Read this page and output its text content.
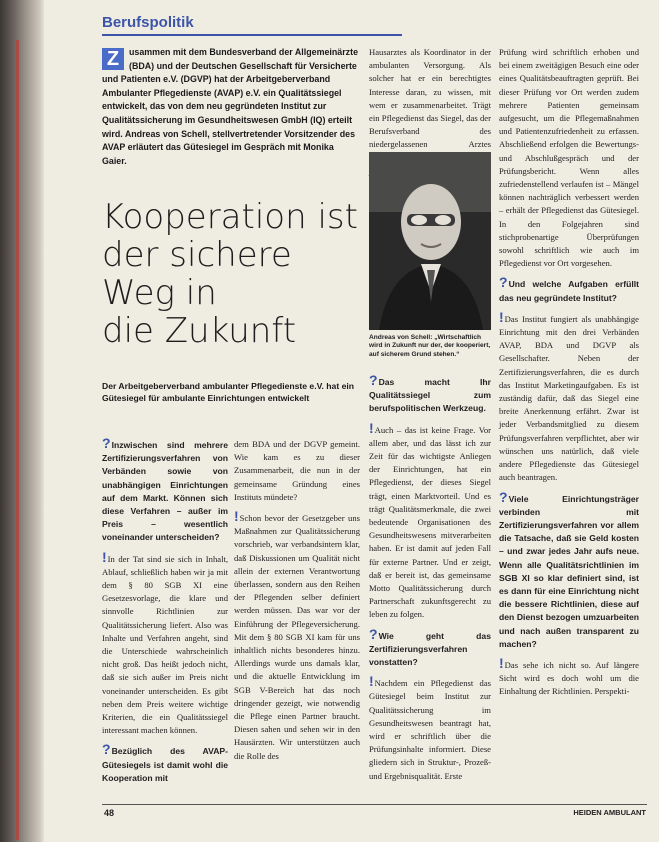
Berufspolitik
Z	usammen mit dem Bundesverband der Allgemeinärzte (BDA) und der Deutschen Gesellschaft für Versicherte und Patienten e.V. (DGVP) hat der Arbeitgeberverband Ambulanter Pflegedienste (AVAP) e.V. ein Qualitätssiegel entwickelt, das von dem neu gegründeten Institut zur Qualitätssicherung im Gesundheitswesen GmbH (IQ) erteilt wird. Andreas von Schell, stellvertretender Vorsitzender des AVAP erläutert das Gütesiegel im Gespräch mit Monika Gaier.
Kooperation ist
der sichere
Weg in
die Zukunft
Der Arbeitgeberverband ambulanter Pflegedienste e.V. hat ein Gütesiegel für ambulante Einrichtungen entwickelt

?Inzwischen sind mehrere Zertifizierungsverfahren von Verbänden sowie von unabhängigen Einrichtungen auf dem Markt. Können sich diese Verfahren – außer im Preis – wesentlich voneinander unterscheiden?

!In der Tat sind sie sich in Inhalt, Ablauf, schließlich haben wir ja mit dem § 80 SGB XI eine Gesetzesvorlage, die klare und sinnvolle Richtlinien zur Qualitätssicherung liefert. Also was Inhalte und Verfahren angeht, sind die Unterschiede wahrscheinlich nicht groß. Das heißt jedoch nicht, daß sie sich außer im Preis nicht voneinander unterscheiden. Es gibt neben dem Preis weitere wichtige Kriterien, die ein Qualitätssiegel interessant machen können.

?Bezüglich des AVAP-Gütesiegels ist damit wohl die Kooperation mit

dem BDA und der DGVP gemeint. Wie kam es zu dieser Zusammenarbeit, die nun in der gemeinsame Gründung eines Instituts mündete?

!Schon bevor der Gesetzgeber uns Maßnahmen zur Qualitätssicherung vorschrieb, war verbandsintern klar, daß Diskussionen um Qualität nicht allein der externen Verantwortung überlassen, sondern aus den Reihen der Pflegenden selber definiert werden müssen. Das war vor der Einführung der Pflegeversicherung. Mit dem § 80 SGB XI kam für uns inhaltlich nichts besonderes hinzu. Allerdings wurde uns damals klar, und die aktuelle Entwicklung im SGB V-Bereich hat das noch dringender gezeigt, wie notwendig die Pflege einen Partner braucht. Diesen sahen und sehen wir in den Hausärzten. Wir unterstützen auch die Rolle des

Hausarztes als Koordinator in der ambulanten Versorgung. Als solcher hat er ein berechtigtes Interesse daran, zu wissen, mit wem er zusammenarbeitet. Trägt ein Pflegedienst das Siegel, das der Berufsverband des niedergelassenen Arztes

?Das macht Ihr Qualitätssiegel zum berufspolitischen Werkzeug.

!Auch – das ist keine Frage. Vor allem aber, und das lässt ich zur Zeit für das wichtigste Anliegen der Einrichtungen, hat ein Pflegedienst, der dieses Siegel trägt, einen Marktvorteil. Und es trägt Qualitätsmerkmale, die zwei bedeutende Organisationen des Gesundheitswesens mitverarbeiten haben. Er ist damit auf jeden Fall für externe Partner. Und er zeigt, daß er bereit ist, das gemeinsame Motto Qualitätssicherung durch Partnerschaft zukunftsgerecht zu leben zu folgen.

?Wie geht das Zertifizierungsverfahren vonstatten?

!Nachdem ein Pflegedienst das Gütesiegel beim Institut zur Qualitätssicherung im Gesundheitswesen beantragt hat, wird er schriftlich über die Prüfungsinhalte informiert. Diese gliedern sich in Struktur-, Prozeß- und Ergebnisqualität. Erste

Prüfung wird schriftlich erhoben und bei einem zweitägigen Besuch eine oder eines Qualitätsbeauftragten geprüft. Bei dieser Prüfung vor Ort werden zudem mehrere Patienten gemeinsam aufgesucht, um die Pflegemaßnahmen und Patientenzufriedenheit zu erfassen. Abschließend erfolgen die Bewertungs- und Abschlußgespräch und der Prüfungsbericht. Wenn alles zufriedenstellend verlaufen ist – Mängel können nachträglich verbessert werden – erhält der Pflegedienst das Gütesiegel. In den Folgejahren sind stichprobenartige Überprüfungen sowohl schriftlich wie auch im Pflegedienst vor Ort vorgesehen.

?Und welche Aufgaben erfüllt das neu gegründete Institut?

!Das Institut fungiert als unabhängige Einrichtung mit den drei Verbänden AVAP, BDA und DGVP als Gesellschafter. Neben der Zertifizierungsverfahren, die es durch das Institut Marketingaufgaben. Es ist zuständig dafür, daß das Siegel eine breite Anerkennung erfährt. Zwar ist jeder Verbandsmitglied zu diesem Prüfungsverfahren verpflichtet, aber wir wünschen uns natürlich, daß viele andere Pflegedienste das Gütesiegel auch beantragen.

?Viele Einrichtungsträger verbinden mit Zertifizierungsverfahren vor allem die Tatsache, daß sie Geld kosten – und zwar jedes Jahr aufs neue. Wenn alle Qualitätsrichtlinien im SGB XI so klar definiert sind, ist es dann für eine Einrichtung nicht die bessere Richtlinien, diese auf den Dienst bezogen umzuarbeiten und nach außen transparent zu machen?

!Das sehe ich nicht so. Auf längere Sicht wird es doch wohl um die Einhaltung der Richtlinien. Perspekti-

Andreas von Schell: „Wirtschaftlich wird in Zukunft nur der, der kooperiert, auf sicherem Grund stehen.“
48	HEIDEN AMBULANT
